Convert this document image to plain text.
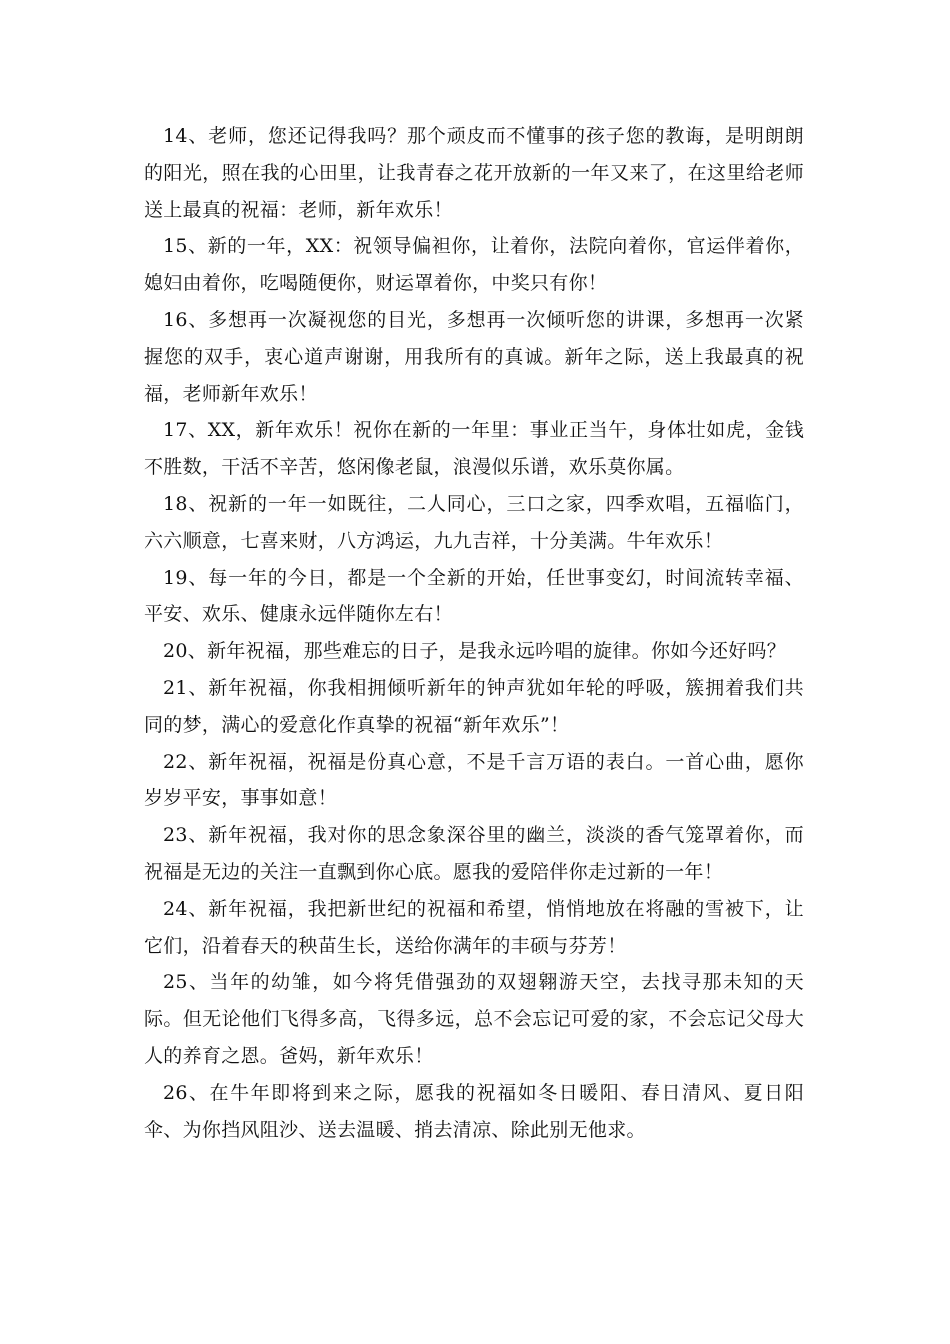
14、老师，您还记得我吗？那个顽皮而不懂事的孩子您的教诲，是明朗朗的阳光，照在我的心田里，让我青春之花开放新的一年又来了，在这里给老师送上最真的祝福：老师，新年欢乐！

15、新的一年，XX：祝领导偏袒你，让着你，法院向着你，官运伴着你，媳妇由着你，吃喝随便你，财运罩着你，中奖只有你！

16、多想再一次凝视您的目光，多想再一次倾听您的讲课，多想再一次紧握您的双手，衷心道声谢谢，用我所有的真诚。新年之际，送上我最真的祝福，老师新年欢乐！

17、XX，新年欢乐！祝你在新的一年里：事业正当午，身体壮如虎，金钱不胜数，干活不辛苦，悠闲像老鼠，浪漫似乐谱，欢乐莫你属。

18、祝新的一年一如既往，二人同心，三口之家，四季欢唱，五福临门，六六顺意，七喜来财，八方鸿运，九九吉祥，十分美满。牛年欢乐！

19、每一年的今日，都是一个全新的开始，任世事变幻，时间流转幸福、平安、欢乐、健康永远伴随你左右！

20、新年祝福，那些难忘的日子，是我永远吟唱的旋律。你如今还好吗？

21、新年祝福，你我相拥倾听新年的钟声犹如年轮的呼吸，簇拥着我们共同的梦，满心的爱意化作真挚的祝福“新年欢乐”！

22、新年祝福，祝福是份真心意，不是千言万语的表白。一首心曲，愿你岁岁平安，事事如意！

23、新年祝福，我对你的思念象深谷里的幽兰，淡淡的香气笼罩着你，而祝福是无边的关注一直飘到你心底。愿我的爱陪伴你走过新的一年！

24、新年祝福，我把新世纪的祝福和希望，悄悄地放在将融的雪被下，让它们，沿着春天的秧苗生长，送给你满年的丰硕与芬芳！

25、当年的幼雏，如今将凭借强劲的双翅翱游天空，去找寻那未知的天际。但无论他们飞得多高，飞得多远，总不会忘记可爱的家，不会忘记父母大人的养育之恩。爸妈，新年欢乐！

26、在牛年即将到来之际，愿我的祝福如冬日暖阳、春日清风、夏日阳伞、为你挡风阻沙、送去温暖、捎去清凉、除此别无他求。
